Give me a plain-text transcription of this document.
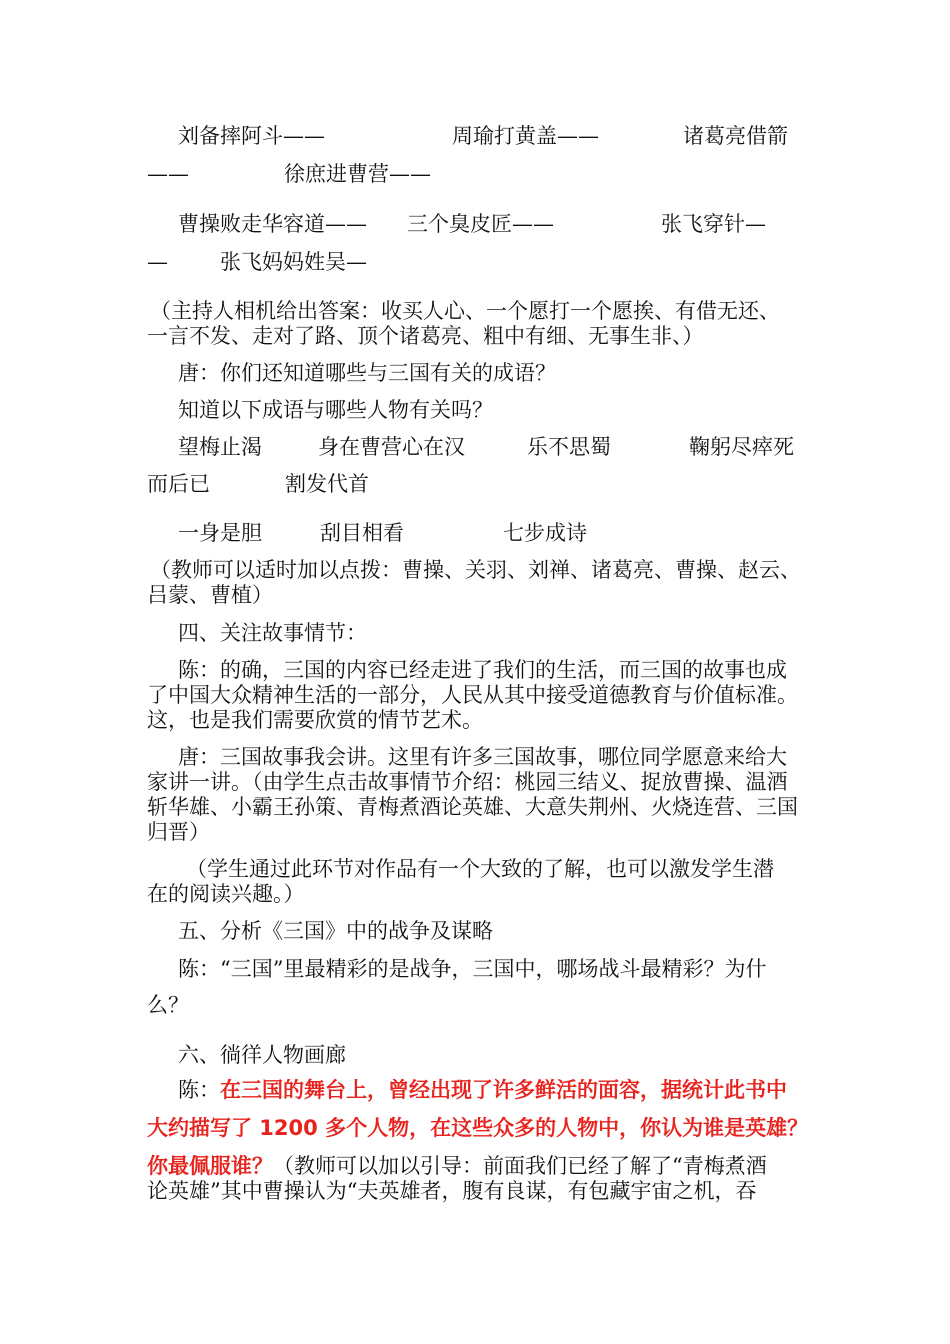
刘备摔阿斗——	周瑜打黄盖——	诸葛亮借箭
——	徐庶进曹营——
曹操败走华容道—— 三个臭皮匠——	张飞穿针—
— 张飞妈妈姓吴—
（主持人相机给出答案：收买人心、一个愿打一个愿挨、有借无还、
一言不发、走对了路、顶个诸葛亮、粗中有细、无事生非、）
唐：你们还知道哪些与三国有关的成语？
知道以下成语与哪些人物有关吗？
望梅止渴	身在曹营心在汉	乐不思蜀	鞠躬尽瘁死
而后已	割发代首
一身是胆	刮目相看	七步成诗
（教师可以适时加以点拨：曹操、关羽、刘禅、诸葛亮、曹操、赵云、
吕蒙、曹植）
四、关注故事情节：
陈：的确，三国的内容已经走进了我们的生活，而三国的故事也成
了中国大众精神生活的一部分，人民从其中接受道德教育与价值标准。
这，也是我们需要欣赏的情节艺术。
唐：三国故事我会讲。这里有许多三国故事，哪位同学愿意来给大
家讲一讲。（由学生点击故事情节介绍：桃园三结义、捉放曹操、温酒
斩华雄、小霸王孙策、青梅煮酒论英雄、大意失荆州、火烧连营、三国
归晋）
（学生通过此环节对作品有一个大致的了解，也可以激发学生潜
在的阅读兴趣。）
五、分析《三国》中的战争及谋略
陈：“三国”里最精彩的是战争，三国中，哪场战斗最精彩？为什
么？
六、徜徉人物画廊
陈：在三国的舞台上，曾经出现了许多鲜活的面容，据统计此书中
大约描写了 1200 多个人物，在这些众多的人物中，你认为谁是英雄？
你最佩服谁？（教师可以加以引导：前面我们已经了解了“青梅煮酒
论英雄”其中曹操认为“夫英雄者，腹有良谋，有包藏宇宙之机，吞
